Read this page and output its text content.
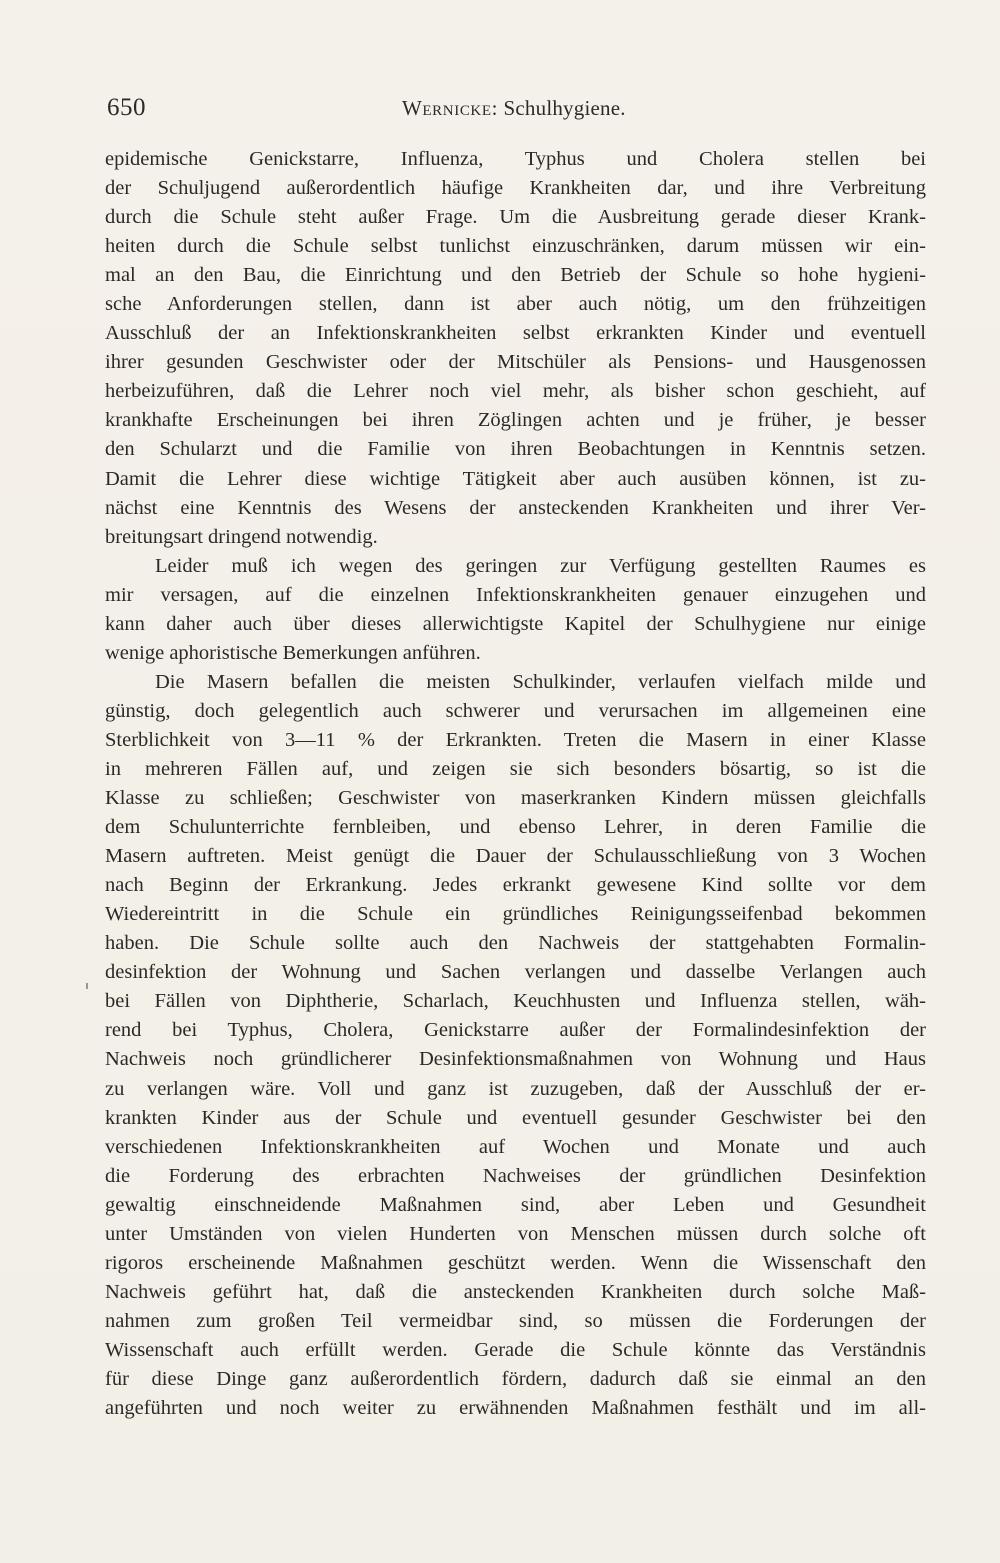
650	Wernicke: Schulhygiene.
epidemische Genickstarre, Influenza, Typhus und Cholera stellen bei
der Schuljugend außerordentlich häufige Krankheiten dar, und ihre Verbreitung
durch die Schule steht außer Frage. Um die Ausbreitung gerade dieser Krank-
heiten durch die Schule selbst tunlichst einzuschränken, darum müssen wir ein-
mal an den Bau, die Einrichtung und den Betrieb der Schule so hohe hygieni-
sche Anforderungen stellen, dann ist aber auch nötig, um den frühzeitigen
Ausschluß der an Infektionskrankheiten selbst erkrankten Kinder und eventuell
ihrer gesunden Geschwister oder der Mitschüler als Pensions- und Hausgenossen
herbeizuführen, daß die Lehrer noch viel mehr, als bisher schon geschieht, auf
krankhafte Erscheinungen bei ihren Zöglingen achten und je früher, je besser
den Schularzt und die Familie von ihren Beobachtungen in Kenntnis setzen.
Damit die Lehrer diese wichtige Tätigkeit aber auch ausüben können, ist zu-
nächst eine Kenntnis des Wesens der ansteckenden Krankheiten und ihrer Ver-
breitungsart dringend notwendig.
Leider muß ich wegen des geringen zur Verfügung gestellten Raumes es
mir versagen, auf die einzelnen Infektionskrankheiten genauer einzugehen und
kann daher auch über dieses allerwichtigste Kapitel der Schulhygiene nur einige
wenige aphoristische Bemerkungen anführen.
Die Masern befallen die meisten Schulkinder, verlaufen vielfach milde und
günstig, doch gelegentlich auch schwerer und verursachen im allgemeinen eine
Sterblichkeit von 3—11 % der Erkrankten. Treten die Masern in einer Klasse
in mehreren Fällen auf, und zeigen sie sich besonders bösartig, so ist die
Klasse zu schließen; Geschwister von maserkranken Kindern müssen gleichfalls
dem Schulunterrichte fernbleiben, und ebenso Lehrer, in deren Familie die
Masern auftreten. Meist genügt die Dauer der Schulausschließung von 3 Wochen
nach Beginn der Erkrankung. Jedes erkrankt gewesene Kind sollte vor dem
Wiedereintritt in die Schule ein gründliches Reinigungsseifenbad bekommen
haben. Die Schule sollte auch den Nachweis der stattgehabten Formalin-
desinfektion der Wohnung und Sachen verlangen und dasselbe Verlangen auch
bei Fällen von Diphtherie, Scharlach, Keuchhusten und Influenza stellen, wäh-
rend bei Typhus, Cholera, Genickstarre außer der Formalindesinfektion der
Nachweis noch gründlicherer Desinfektionsmaßnahmen von Wohnung und Haus
zu verlangen wäre. Voll und ganz ist zuzugeben, daß der Ausschluß der er-
krankten Kinder aus der Schule und eventuell gesunder Geschwister bei den
verschiedenen Infektionskrankheiten auf Wochen und Monate und auch
die Forderung des erbrachten Nachweises der gründlichen Desinfektion
gewaltig einschneidende Maßnahmen sind, aber Leben und Gesundheit
unter Umständen von vielen Hunderten von Menschen müssen durch solche oft
rigoros erscheinende Maßnahmen geschützt werden. Wenn die Wissenschaft den
Nachweis geführt hat, daß die ansteckenden Krankheiten durch solche Maß-
nahmen zum großen Teil vermeidbar sind, so müssen die Forderungen der
Wissenschaft auch erfüllt werden. Gerade die Schule könnte das Verständnis
für diese Dinge ganz außerordentlich fördern, dadurch daß sie einmal an den
angeführten und noch weiter zu erwähnenden Maßnahmen festhält und im all-
